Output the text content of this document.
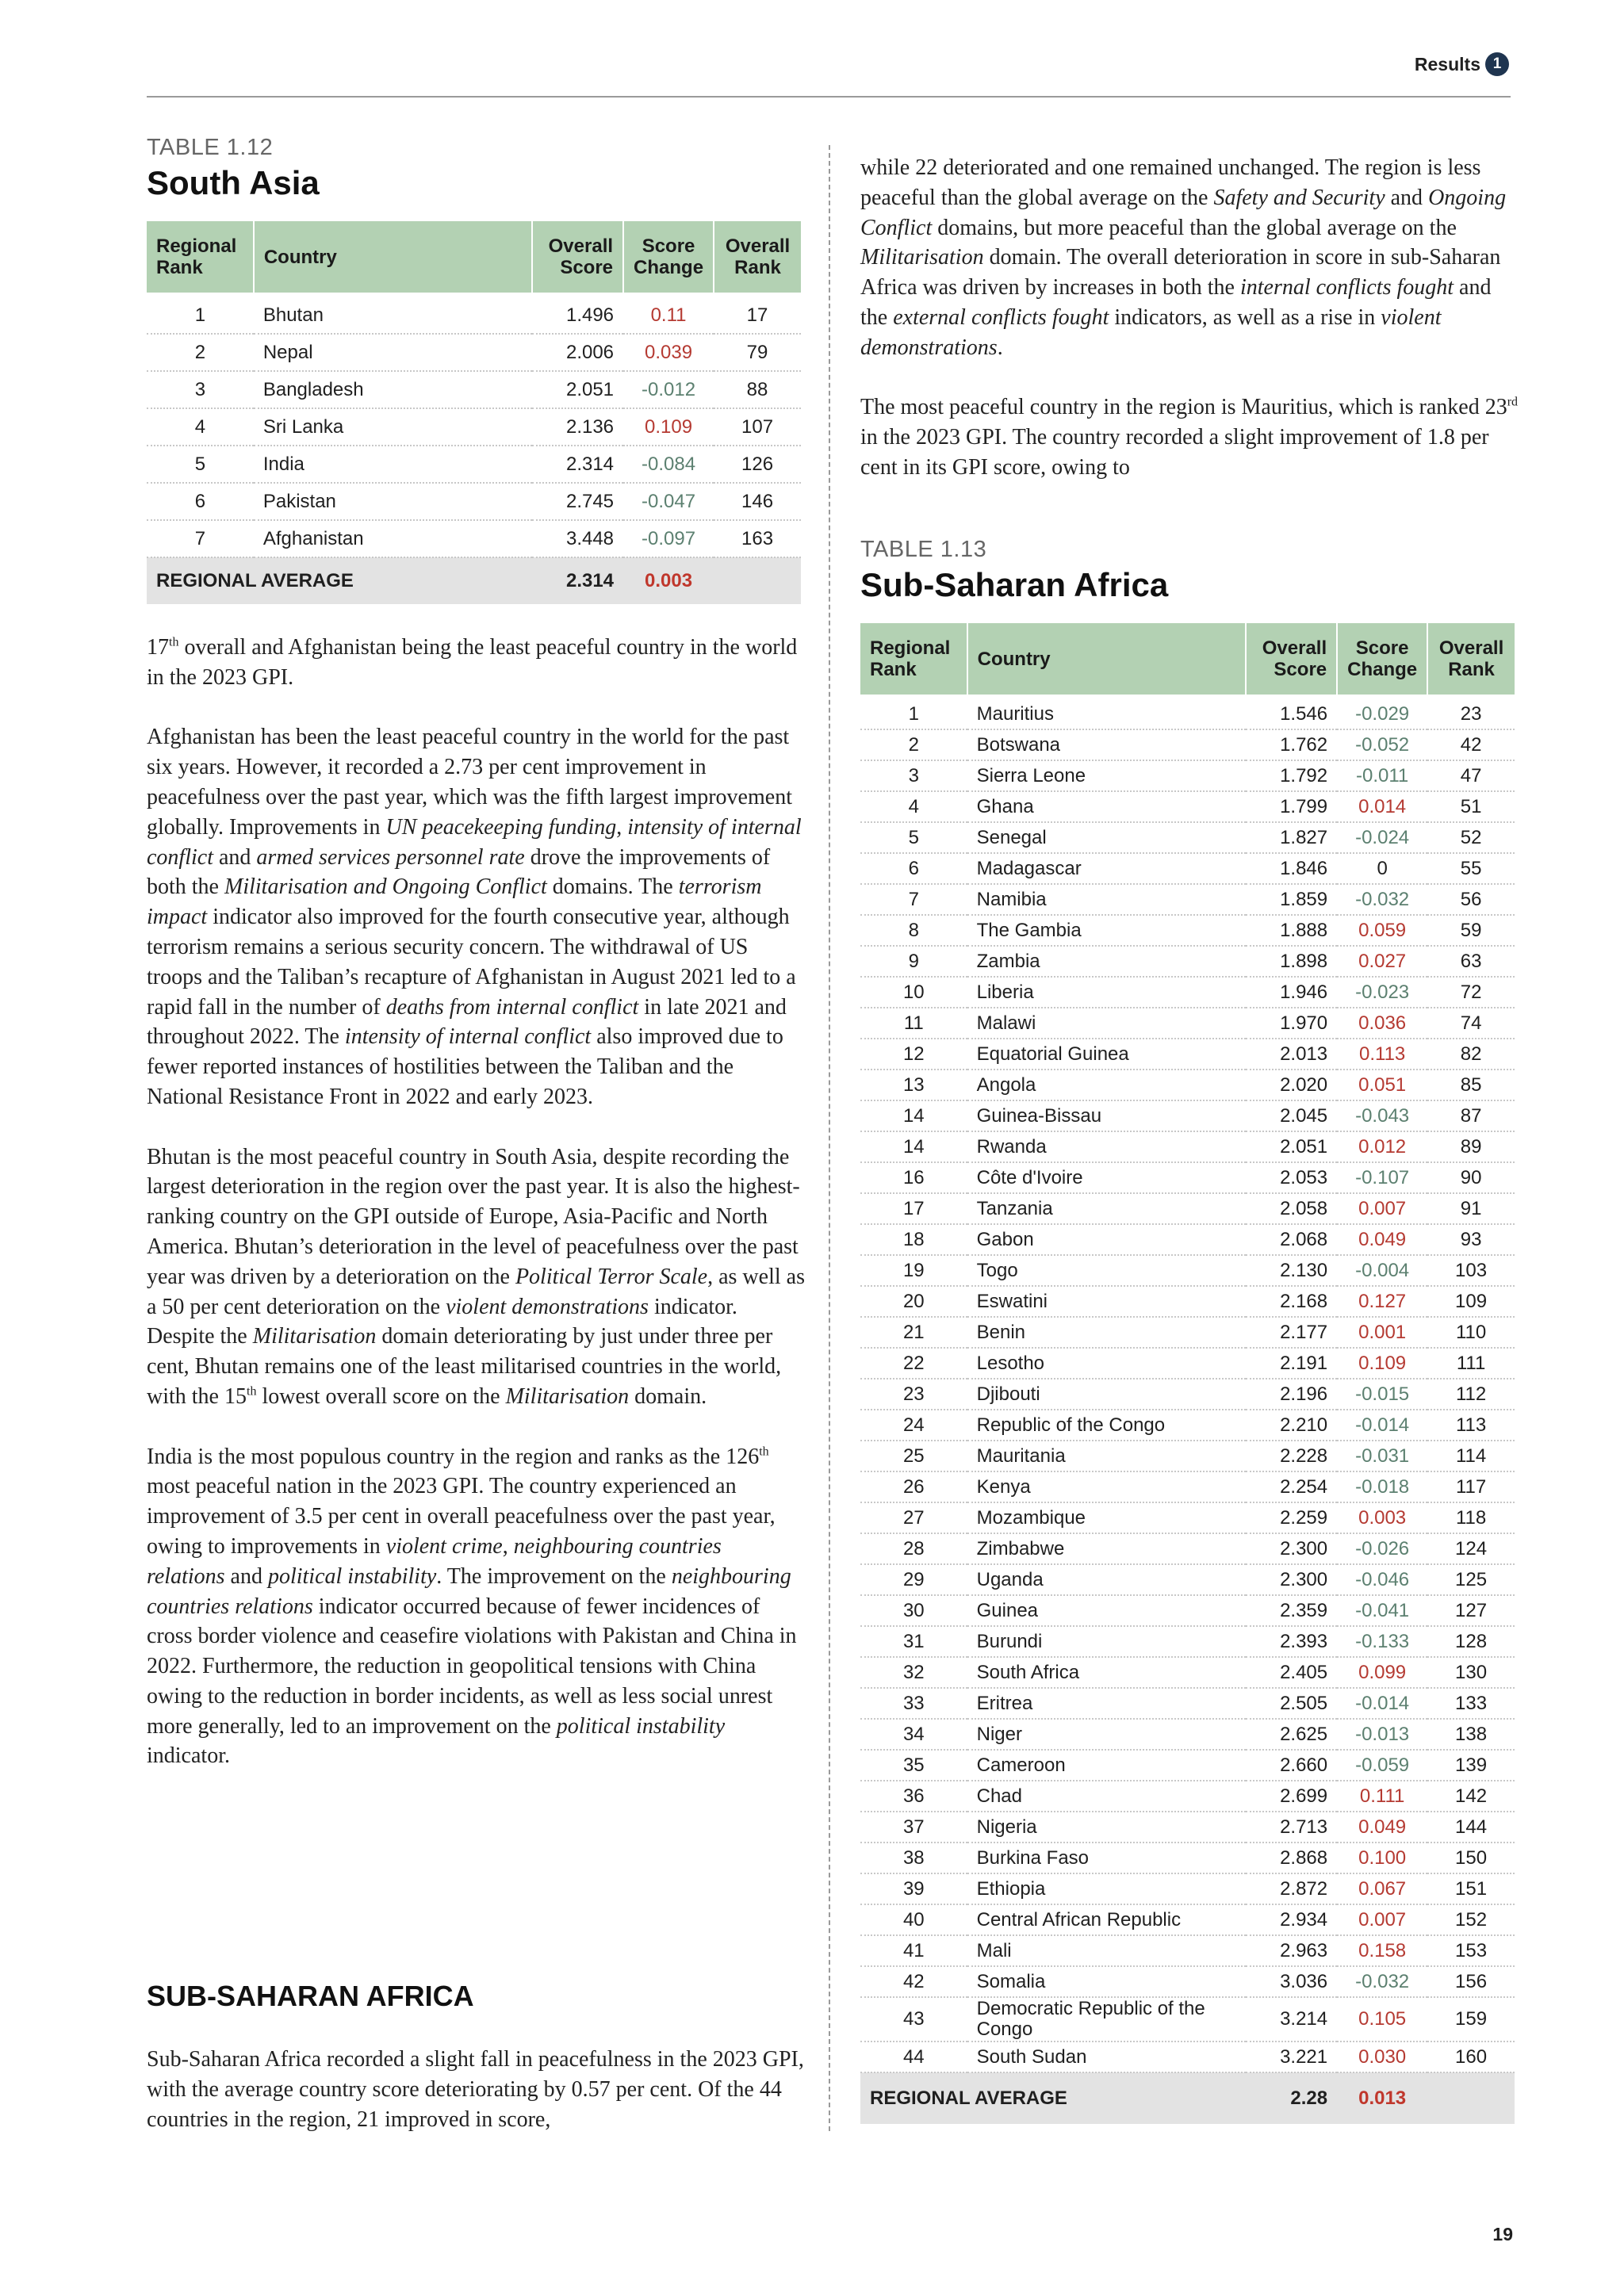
Results 1
TABLE 1.12
South Asia
Regional Rank	Country	Overall Score	Score Change	Overall Rank
1	Bhutan	1.496	0.11	17
2	Nepal	2.006	0.039	79
3	Bangladesh	2.051	-0.012	88
4	Sri Lanka	2.136	0.109	107
5	India	2.314	-0.084	126
6	Pakistan	2.745	-0.047	146
7	Afghanistan	3.448	-0.097	163
REGIONAL AVERAGE		2.314	0.003	
TABLE 1.13
Sub-Saharan Africa
Regional Rank	Country	Overall Score	Score Change	Overall Rank
1	Mauritius	1.546	-0.029	23
2	Botswana	1.762	-0.052	42
3	Sierra Leone	1.792	-0.011	47
4	Ghana	1.799	0.014	51
5	Senegal	1.827	-0.024	52
6	Madagascar	1.846	0	55
7	Namibia	1.859	-0.032	56
8	The Gambia	1.888	0.059	59
9	Zambia	1.898	0.027	63
10	Liberia	1.946	-0.023	72
11	Malawi	1.970	0.036	74
12	Equatorial Guinea	2.013	0.113	82
13	Angola	2.020	0.051	85
14	Guinea-Bissau	2.045	-0.043	87
14	Rwanda	2.051	0.012	89
16	Côte d'Ivoire	2.053	-0.107	90
17	Tanzania	2.058	0.007	91
18	Gabon	2.068	0.049	93
19	Togo	2.130	-0.004	103
20	Eswatini	2.168	0.127	109
21	Benin	2.177	0.001	110
22	Lesotho	2.191	0.109	111
23	Djibouti	2.196	-0.015	112
24	Republic of the Congo	2.210	-0.014	113
25	Mauritania	2.228	-0.031	114
26	Kenya	2.254	-0.018	117
27	Mozambique	2.259	0.003	118
28	Zimbabwe	2.300	-0.026	124
29	Uganda	2.300	-0.046	125
30	Guinea	2.359	-0.041	127
31	Burundi	2.393	-0.133	128
32	South Africa	2.405	0.099	130
33	Eritrea	2.505	-0.014	133
34	Niger	2.625	-0.013	138
35	Cameroon	2.660	-0.059	139
36	Chad	2.699	0.111	142
37	Nigeria	2.713	0.049	144
38	Burkina Faso	2.868	0.100	150
39	Ethiopia	2.872	0.067	151
40	Central African Republic	2.934	0.007	152
41	Mali	2.963	0.158	153
42	Somalia	3.036	-0.032	156
43	Democratic Republic of the Congo	3.214	0.105	159
44	South Sudan	3.221	0.030	160
REGIONAL AVERAGE		2.28	0.013	

17th overall and Afghanistan being the least peaceful country in the world in the 2023 GPI.

Afghanistan has been the least peaceful country in the world for the past six years. However, it recorded a 2.73 per cent improvement in peacefulness over the past year, which was the fifth largest improvement globally. Improvements in UN peacekeeping funding, intensity of internal conflict and armed services personnel rate drove the improvements of both the Militarisation and Ongoing Conflict domains. The terrorism impact indicator also improved for the fourth consecutive year, although terrorism remains a serious security concern. The withdrawal of US troops and the Taliban’s recapture of Afghanistan in August 2021 led to a rapid fall in the number of deaths from internal conflict in late 2021 and throughout 2022. The intensity of internal conflict also improved due to fewer reported instances of hostilities between the Taliban and the National Resistance Front in 2022 and early 2023.

Bhutan is the most peaceful country in South Asia, despite recording the largest deterioration in the region over the past year. It is also the highest-ranking country on the GPI outside of Europe, Asia-Pacific and North America. Bhutan’s deterioration in the level of peacefulness over the past year was driven by a deterioration on the Political Terror Scale, as well as a 50 per cent deterioration on the violent demonstrations indicator. Despite the Militarisation domain deteriorating by just under three per cent, Bhutan remains one of the least militarised countries in the world, with the 15th lowest overall score on the Militarisation domain.

India is the most populous country in the region and ranks as the 126th most peaceful nation in the 2023 GPI. The country experienced an improvement of 3.5 per cent in overall peacefulness over the past year, owing to improvements in violent crime, neighbouring countries relations and political instability. The improvement on the neighbouring countries relations indicator occurred because of fewer incidences of cross border violence and ceasefire violations with Pakistan and China in 2022. Furthermore, the reduction in geopolitical tensions with China owing to the reduction in border incidents, as well as less social unrest more generally, led to an improvement on the political instability indicator.

SUB-SAHARAN AFRICA

Sub-Saharan Africa recorded a slight fall in peacefulness in the 2023 GPI, with the average country score deteriorating by 0.57 per cent. Of the 44 countries in the region, 21 improved in score,

while 22 deteriorated and one remained unchanged. The region is less peaceful than the global average on the Safety and Security and Ongoing Conflict domains, but more peaceful than the global average on the Militarisation domain. The overall deterioration in score in sub-Saharan Africa was driven by increases in both the internal conflicts fought and the external conflicts fought indicators, as well as a rise in violent demonstrations.

The most peaceful country in the region is Mauritius, which is ranked 23rd in the 2023 GPI. The country recorded a slight improvement of 1.8 per cent in its GPI score, owing to

19
